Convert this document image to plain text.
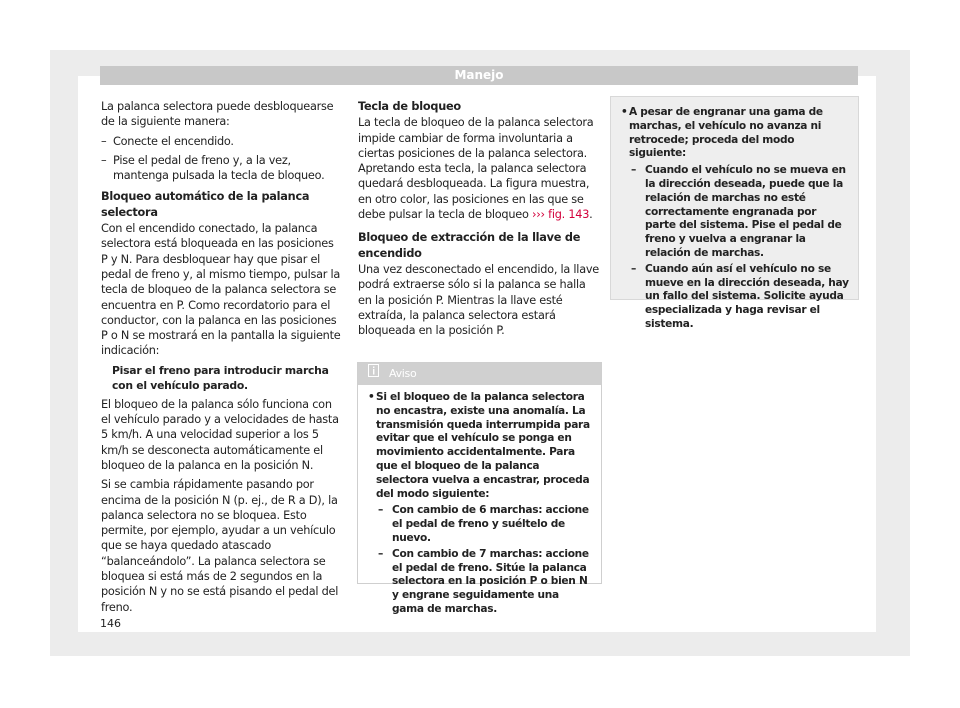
Manejo

La palanca selectora puede desbloquearse de la siguiente manera:

– Conecte el encendido.

– Pise el pedal de freno y, a la vez, mantenga pulsada la tecla de bloqueo.

Bloqueo automático de la palanca selectora

Con el encendido conectado, la palanca selectora está bloqueada en las posiciones P y N. Para desbloquear hay que pisar el pedal de freno y, al mismo tiempo, pulsar la tecla de bloqueo de la palanca selectora se encuentra en P. Como recordatorio para el conductor, con la palanca en las posiciones P o N se mostrará en la pantalla la siguiente indicación:

Pisar el freno para introducir marcha con el vehículo parado.

El bloqueo de la palanca sólo funciona con el vehículo parado y a velocidades de hasta 5 km/h. A una velocidad superior a los 5 km/h se desconecta automáticamente el bloqueo de la palanca en la posición N.

Si se cambia rápidamente pasando por encima de la posición N (p. ej., de R a D), la palanca selectora no se bloquea. Esto permite, por ejemplo, ayudar a un vehículo que se haya quedado atascado “balanceándolo”. La palanca selectora se bloquea si está más de 2 segundos en la posición N y no se está pisando el pedal del freno.

Tecla de bloqueo

La tecla de bloqueo de la palanca selectora impide cambiar de forma involuntaria a ciertas posiciones de la palanca selectora. Apretando esta tecla, la palanca selectora quedará desbloqueada. La figura muestra, en otro color, las posiciones en las que se debe pulsar la tecla de bloqueo ››› fig. 143.

Bloqueo de extracción de la llave de encendido

Una vez desconectado el encendido, la llave podrá extraerse sólo si la palanca se halla en la posición P. Mientras la llave esté extraída, la palanca selectora estará bloqueada en la posición P.

Aviso

• Si el bloqueo de la palanca selectora no encastra, existe una anomalía. La transmisión queda interrumpida para evitar que el vehículo se ponga en movimiento accidentalmente. Para que el bloqueo de la palanca selectora vuelva a encastrar, proceda del modo siguiente:

– Con cambio de 6 marchas: accione el pedal de freno y suéltelo de nuevo.

– Con cambio de 7 marchas: accione el pedal de freno. Sitúe la palanca selectora en la posición P o bien N y engrane seguidamente una gama de marchas.

• A pesar de engranar una gama de marchas, el vehículo no avanza ni retrocede; proceda del modo siguiente:

– Cuando el vehículo no se mueva en la dirección deseada, puede que la relación de marchas no esté correctamente engranada por parte del sistema. Pise el pedal de freno y vuelva a engranar la relación de marchas.

– Cuando aún así el vehículo no se mueve en la dirección deseada, hay un fallo del sistema. Solicite ayuda especializada y haga revisar el sistema.

146
